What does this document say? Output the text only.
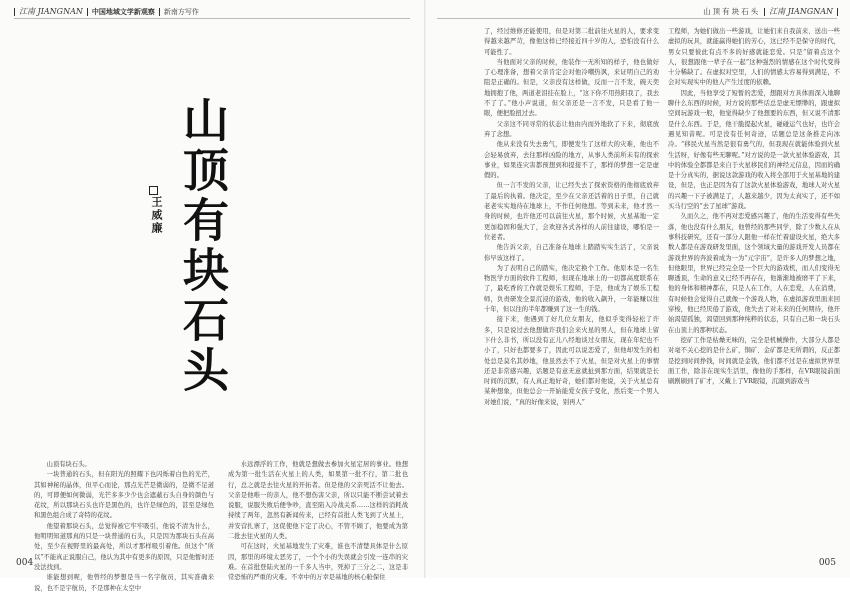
江南 JIANGNAN 中国地域文学新观察 新南方写作
山顶有块石头
王威廉

山顶有块石头。

一块普通的石头，但在阳光的照耀下也闪烁着白色的光芒，其如神秘的晶体，但平心而论，那点光芒是微弱的，是微不足道的，可即便如何微弱，光芒多多少少也会遮蔽石头自身的颜色与花纹，所以那块石头也许是黑色的，也许是绿色的，甚至是绿色和黑色组合成了奇特的花纹。

他望着那块石头，总觉得被它牢牢吸引，他说不清为什么，他明明知道那真的只是一块普通的石头，只是因为那块石头在高处，至少在视野里的最高处，所以才那样吸引着他。但这个“所以”不能真正说服自己，他认为其中有更多的原因，只是他暂时还没法找到。

谁能想到呢，他曾经的梦想是当一名宇航员，其实准确来说，也不是宇航员，不是那种在太空中

水远漂浮的工作，他就是想做去参加火星定居的事业。他想成为第一批生活在火星上的人类，如果第一批不行，第二批也行，总之就是去往火星的开拓者。但是他的父亲死活不让他去。父亲是他唯一的亲人，他不想伤害父亲，所以只能不断尝试着去说服，说服失败后便争吵，直至陷入冷战关系……这样的消耗战持续了两年，忽然有新闻传来，已经有首批人类飞到了火星上，并安营扎寨了，这促使他下定了决心，不管不顾了，他要成为第二批去往火星的人类。

可在这时，火星基地发生了灾难，谁也不清楚具体是什么原因，那里的环境太恶劣了，一个个小的失误就会引发一连串的灾难。在首批登陆火星的一千多人当中，死掉了三分之二，这是非常恐怖的严重的灾难。不幸中的万幸是基地的核心舱保住

004
山顶有块石头 江南 JIANGNAN

了，经过维修还能使用，但是对第二批前往火星的人，要求变得越来越严苛，像他这样已经接近四十岁的人，恐怕没有什么可能性了。

当他面对父亲的时候，他装作一无所知的样子，他也做好了心理准备，想着父亲肯定会对他冷嘲热讽，来证明自己的劝阻是正确的。但是，父亲没有这样做，反而一言不发，碗天奕地拥抱了他，两道老泪挂在脸上，“这下你不用热阳我了，我去不了了。”他小声说道，但父亲还是一言不发，只是看了他一眼，便把脸扭过去。

父亲这不同寻常的状态让他由内而外地软了下来，彻底放弃了念想。

他从来没有失去勇气，即便发生了这样大的灾难，他也不会轻易放弃，去往那样凶险的地方，从事人类前所未有的探索事业，如果连灾害都预想到和提接不了，那样的梦想一定是虚假的。

但一言不发的父亲，让已经失去了探索资格的他彻底放弃了最后的执着。他决定，至少在父亲还活着的日子里，自己就老老实实地待在地球上，不作任何他想。等到未来，他才然一身的时候，也许他还可以前往火星，那个时候，火星基地一定更加稳固和强大了，会欢迎各式各样的人前往建设，哪怕是一位老者。

他告诉父亲，自己准备在地球上踏踏实实生活了，父亲说你早该这样了。

为了表明自己的踏实，他决定换个工作。他原本是一名生物医学方面的软件工程师，但现在地球上的一切都高度联系在了，最吃香的工作就是娱乐工程师，于是，他成为了娱乐工程师，负责研发全景沉浸的游戏，他的收入飙升，一年能赚以往十年，但以往的半年都赚到了这一生的钱。

接下来，他遇到了好几位女朋友，他似乎变得轻松了许多，只是说过去他想做许我们会来火星的男人，但在地球上留下什么非书，所以没有正儿八经地谈过女朋友，现在年纪也不小了，只好也都要多了，因此可以说恋爱了，但他却发生的相处总是莫名其妙地，他虽然去不了火星，但是对火星上的事情还是非常感兴趣，话题是有意无意就扯到那方面，结果就是长时间的沉默，有人真正地好奇，她们都对他说，关于火星总有某种想象，但他总会一开始能爱女孩子变化，然后变一个男人对她们说，“真的好像来说，别再人”

工程师，为她们做出一些游戏，让她们来自我前来、送出一些虚拟的玩具，就能赢得她们的芳心，这已经不是保守的时代，男女只要彼此有点不多的好感就能恋爱。只是“留着点这个人，很想跟他一辈子在一起”这种强烈的情感在这个时代变得十分稀缺了。在虚拟对空里，人们的情感太容易得到满足，不会对实现实中的他人产生过度的依赖。

因此，当他享受了短暂的恋爱，想跟对方具体面深入地聊聊什么东西的时候，对方说的那些话总是虚无缥缈的，跟虚拟空间玩游戏一般，他觉得缺少了他想要的东西，但又说不清那是什么东西。于是，他干脆提起火星，碰碰运气也好，也许会遇见知音呢。可是没有任何奇迹，话题总是这条推走向冰冷。“移民火星当然是很有勇气的，但我现在就能体验到火星生活呀，好像有些无聊呢。”对方说的是一款火星体验游戏，其中的体验全都都是来自于火星移民们的神经元信息，因而的确是十分真实的，据说这款游戏的收入将全部用于火星基地的建设，但是，也正是因为有了这款火星体验游戏，地球人对火星的兴趣一下子被满足了，人越来越少，因为太真实了，还不如买马行空的“去了星球”游戏。

久而久之，他不再对恋爱感兴趣了，他的生活变得有些失落，他也没有什么朋友，他曾经的那些同学，除了少数人在从事科技研究，还有一部分人跟他一样在忙着建设火星，绝大多数人都是在游戏研发里面，这个领域大量的游戏开发人员都在游戏世界的奔波着成为一为“元宇宙”，是许多人的梦想之地，但他眼里，世界已经完全是一个巨大的游戏机，而人们变得无聊透顶，生命的意义已经不再存在，他渐渐地被磨平了下来，他的身体和精神都在，只是人在工作，人在恋爱，人在消费，有时候他会觉得自己就像一个游戏人物，在虚拟游戏里面来回穿梭，他已经厌倦了游戏，他失去了对未来的任何期待，他开始渴望孤独，渴望回到那种纯粹的状态，只有自己和一块石头在山顶上的那种状态。

挖矿工作是枯燥无味的，完全是机械操作，大部分人都是对毫不关心挖的是什么矿，铜矿、金矿都是无所谓的，反正都是挖到时间挣钱，时间就是金钱，他们都不过是在虚拟世界里面工作，除非在现实生活里，像他的手那样，在VR眼镜前面刷剧刷到了矿才，又戴上了VR眼镜，沉溺到游戏当

005
